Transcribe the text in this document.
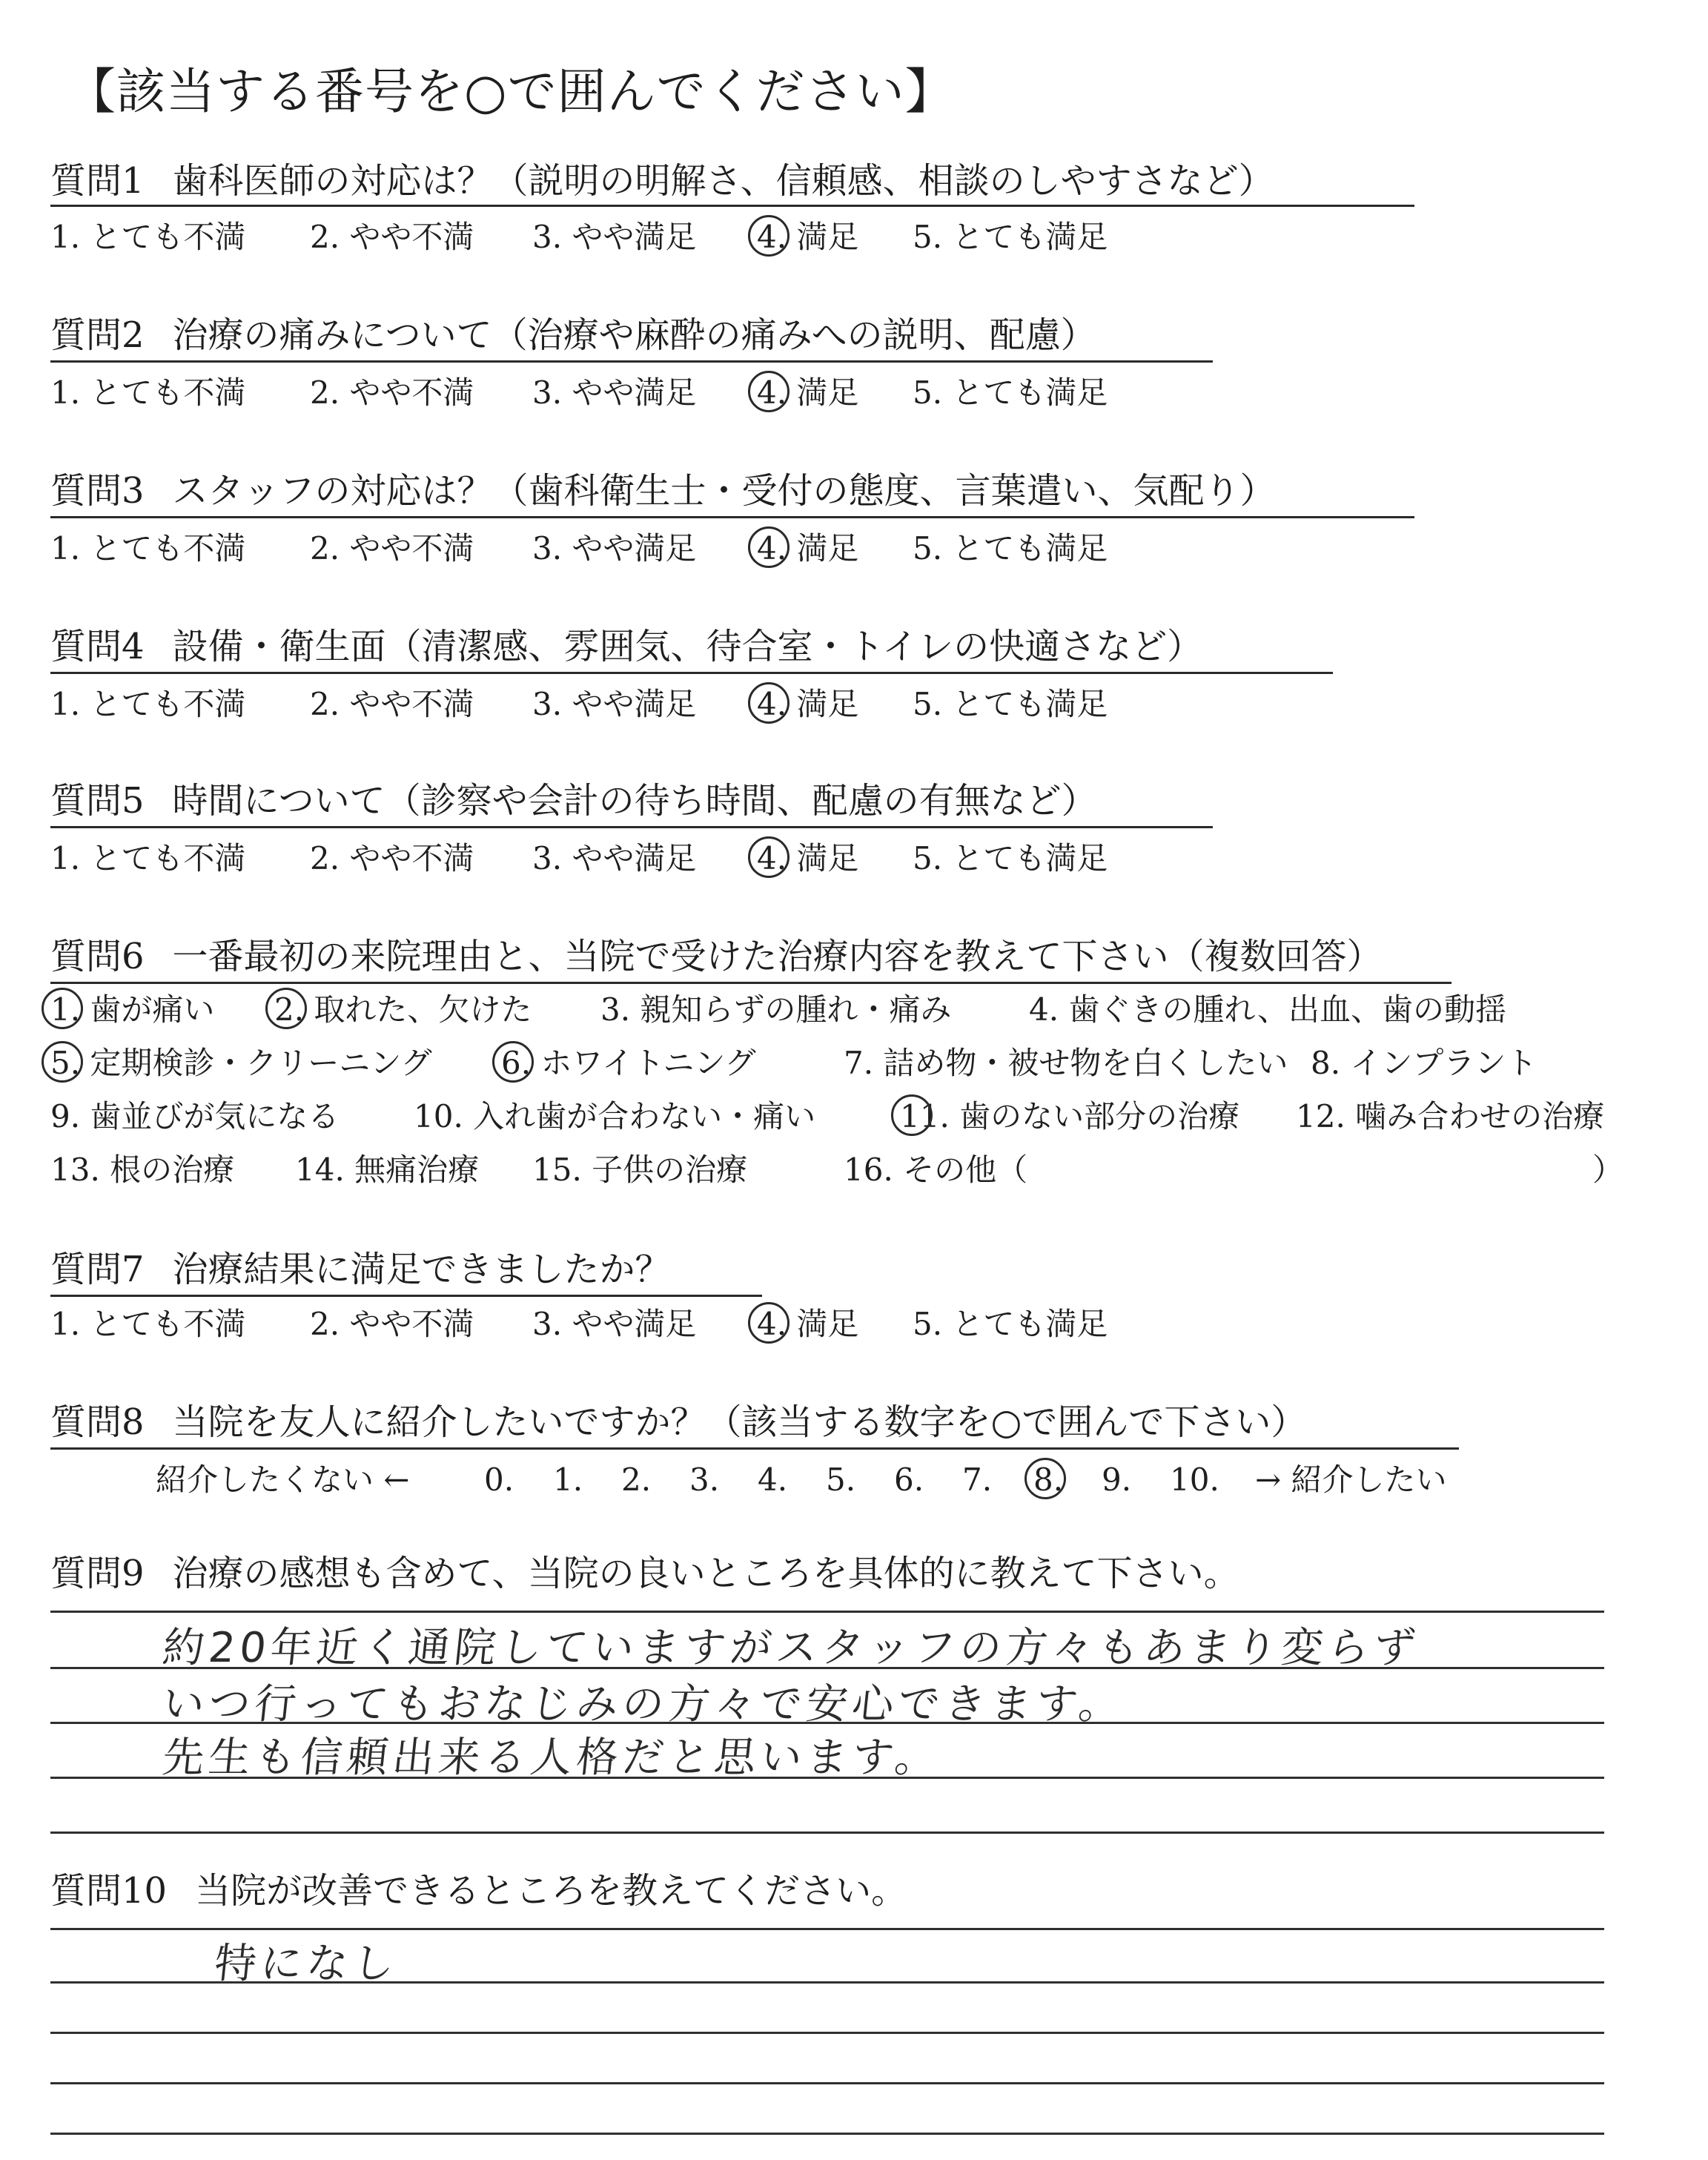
【該当する番号を○で囲んでください】
質問1 歯科医師の対応は？（説明の明解さ、信頼感、相談のしやすさなど）
1. とても不満 2. やや不満 3. やや満足 4. 満足 5. とても満足
質問2 治療の痛みについて（治療や麻酔の痛みへの説明、配慮）
1. とても不満 2. やや不満 3. やや満足 4. 満足 5. とても満足
質問3 スタッフの対応は？（歯科衛生士・受付の態度、言葉遣い、気配り）
1. とても不満 2. やや不満 3. やや満足 4. 満足 5. とても満足
質問4 設備・衛生面（清潔感、雰囲気、待合室・トイレの快適さなど）
1. とても不満 2. やや不満 3. やや満足 4. 満足 5. とても満足
質問5 時間について（診察や会計の待ち時間、配慮の有無など）
1. とても不満 2. やや不満 3. やや満足 4. 満足 5. とても満足
質問6 一番最初の来院理由と、当院で受けた治療内容を教えて下さい（複数回答）
1. 歯が痛い 2. 取れた、欠けた 3. 親知らずの腫れ・痛み 4. 歯ぐきの腫れ、出血、歯の動揺
5. 定期検診・クリーニング 6. ホワイトニング	7. 詰め物・被せ物を白くしたい 8. インプラント
9. 歯並びが気になる 10. 入れ歯が合わない・痛い	11. 歯のない部分の治療 12. 噛み合わせの治療
13. 根の治療 14. 無痛治療 15. 子供の治療	16. その他（	）
質問7 治療結果に満足できましたか？
1. とても不満 2. やや不満 3. やや満足 4. 満足 5. とても満足
質問8 当院を友人に紹介したいですか？（該当する数字を○で囲んで下さい）
紹介したくない ← 0. 1. 2. 3. 4. 5. 6. 7. 8. 9. 10. → 紹介したい
質問9 治療の感想も含めて、当院の良いところを具体的に教えて下さい。
約20年近く通院していますがスタッフの方々もあまり変らず
いつ行ってもおなじみの方々で安心できます。
先生も信頼出来る人格だと思います。
質問10 当院が改善できるところを教えてください。
特になし
